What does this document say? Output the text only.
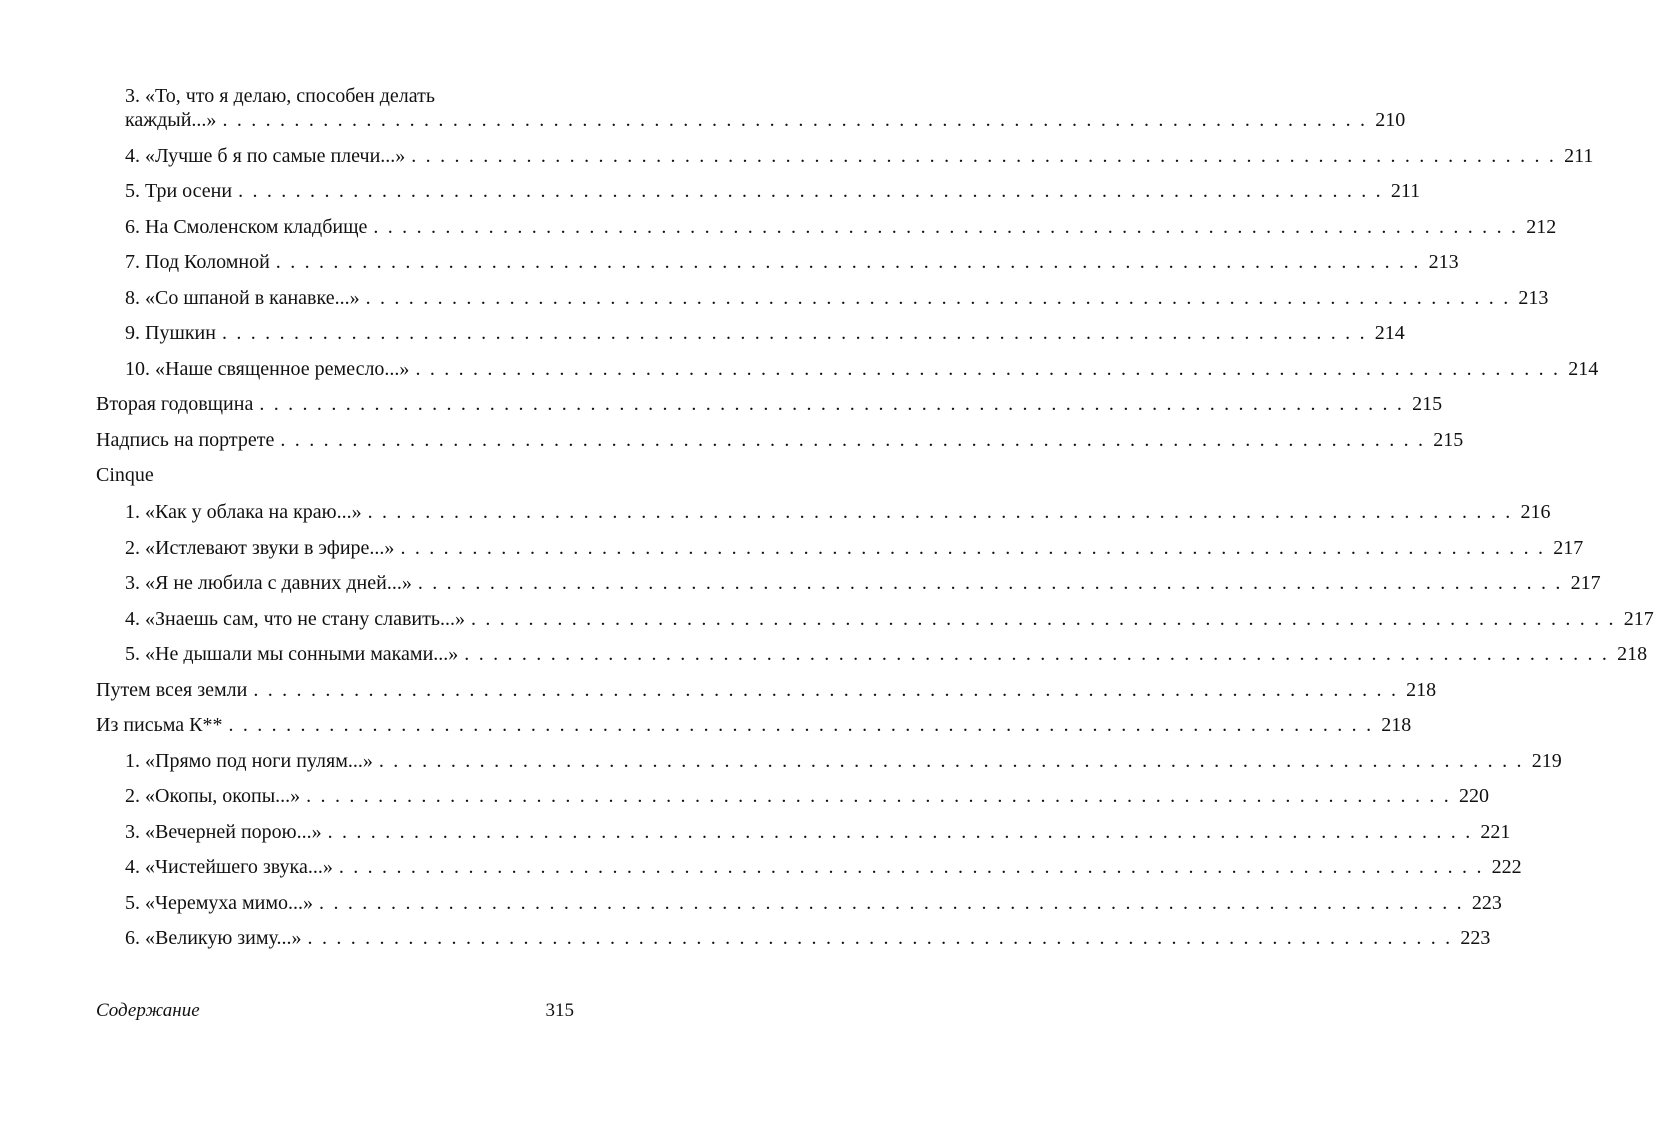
3. «То, что я делаю, способен делать
каждый...» . . . . . . . . . . . . . . . . . . . . . . . . . . . . . . . . . . . . . . . . . . . . . . . . . . . . . . . . . . . . . . . . . . . . . . . . . . . . . . . . 210
4. «Лучше б я по самые плечи...» . . . . . . . . . . . . . . . . . . . . . . . . . . . . . . . . . . . . . . . . . . . . . . . . . . . . . . . . . . . . . . . . . . . . . . . . . . . . . . . . 211
5. Три осени . . . . . . . . . . . . . . . . . . . . . . . . . . . . . . . . . . . . . . . . . . . . . . . . . . . . . . . . . . . . . . . . . . . . . . . . . . . . . . . . 211
6. На Смоленском кладбище . . . . . . . . . . . . . . . . . . . . . . . . . . . . . . . . . . . . . . . . . . . . . . . . . . . . . . . . . . . . . . . . . . . . . . . . . . . . . . . . 212
7. Под Коломной . . . . . . . . . . . . . . . . . . . . . . . . . . . . . . . . . . . . . . . . . . . . . . . . . . . . . . . . . . . . . . . . . . . . . . . . . . . . . . . . 213
8. «Со шпаной в канавке...» . . . . . . . . . . . . . . . . . . . . . . . . . . . . . . . . . . . . . . . . . . . . . . . . . . . . . . . . . . . . . . . . . . . . . . . . . . . . . . . . 213
9. Пушкин . . . . . . . . . . . . . . . . . . . . . . . . . . . . . . . . . . . . . . . . . . . . . . . . . . . . . . . . . . . . . . . . . . . . . . . . . . . . . . . . 214
10. «Наше священное ремесло...» . . . . . . . . . . . . . . . . . . . . . . . . . . . . . . . . . . . . . . . . . . . . . . . . . . . . . . . . . . . . . . . . . . . . . . . . . . . . . . . . 214
Вторая годовщина . . . . . . . . . . . . . . . . . . . . . . . . . . . . . . . . . . . . . . . . . . . . . . . . . . . . . . . . . . . . . . . . . . . . . . . . . . . . . . . . 215
Надпись на портрете . . . . . . . . . . . . . . . . . . . . . . . . . . . . . . . . . . . . . . . . . . . . . . . . . . . . . . . . . . . . . . . . . . . . . . . . . . . . . . . . 215
Cinque
1. «Как у облака на краю...» . . . . . . . . . . . . . . . . . . . . . . . . . . . . . . . . . . . . . . . . . . . . . . . . . . . . . . . . . . . . . . . . . . . . . . . . . . . . . . . . 216
2. «Истлевают звуки в эфире...» . . . . . . . . . . . . . . . . . . . . . . . . . . . . . . . . . . . . . . . . . . . . . . . . . . . . . . . . . . . . . . . . . . . . . . . . . . . . . . . . 217
3. «Я не любила с давних дней...» . . . . . . . . . . . . . . . . . . . . . . . . . . . . . . . . . . . . . . . . . . . . . . . . . . . . . . . . . . . . . . . . . . . . . . . . . . . . . . . . 217
4. «Знаешь сам, что не стану славить...» . . . . . . . . . . . . . . . . . . . . . . . . . . . . . . . . . . . . . . . . . . . . . . . . . . . . . . . . . . . . . . . . . . . . . . . . . . . . . . . . 217
5. «Не дышали мы сонными маками...» . . . . . . . . . . . . . . . . . . . . . . . . . . . . . . . . . . . . . . . . . . . . . . . . . . . . . . . . . . . . . . . . . . . . . . . . . . . . . . . . 218
Путем всея земли . . . . . . . . . . . . . . . . . . . . . . . . . . . . . . . . . . . . . . . . . . . . . . . . . . . . . . . . . . . . . . . . . . . . . . . . . . . . . . . . 218
Из письма К** . . . . . . . . . . . . . . . . . . . . . . . . . . . . . . . . . . . . . . . . . . . . . . . . . . . . . . . . . . . . . . . . . . . . . . . . . . . . . . . . 218
1. «Прямо под ноги пулям...» . . . . . . . . . . . . . . . . . . . . . . . . . . . . . . . . . . . . . . . . . . . . . . . . . . . . . . . . . . . . . . . . . . . . . . . . . . . . . . . . 219
2. «Окопы, окопы...» . . . . . . . . . . . . . . . . . . . . . . . . . . . . . . . . . . . . . . . . . . . . . . . . . . . . . . . . . . . . . . . . . . . . . . . . . . . . . . . . 220
3. «Вечерней порою...» . . . . . . . . . . . . . . . . . . . . . . . . . . . . . . . . . . . . . . . . . . . . . . . . . . . . . . . . . . . . . . . . . . . . . . . . . . . . . . . . 221
4. «Чистейшего звука...» . . . . . . . . . . . . . . . . . . . . . . . . . . . . . . . . . . . . . . . . . . . . . . . . . . . . . . . . . . . . . . . . . . . . . . . . . . . . . . . . 222
5. «Черемуха мимо...» . . . . . . . . . . . . . . . . . . . . . . . . . . . . . . . . . . . . . . . . . . . . . . . . . . . . . . . . . . . . . . . . . . . . . . . . . . . . . . . . 223
6. «Великую зиму...» . . . . . . . . . . . . . . . . . . . . . . . . . . . . . . . . . . . . . . . . . . . . . . . . . . . . . . . . . . . . . . . . . . . . . . . . . . . . . . . . 223
Содержание	315
